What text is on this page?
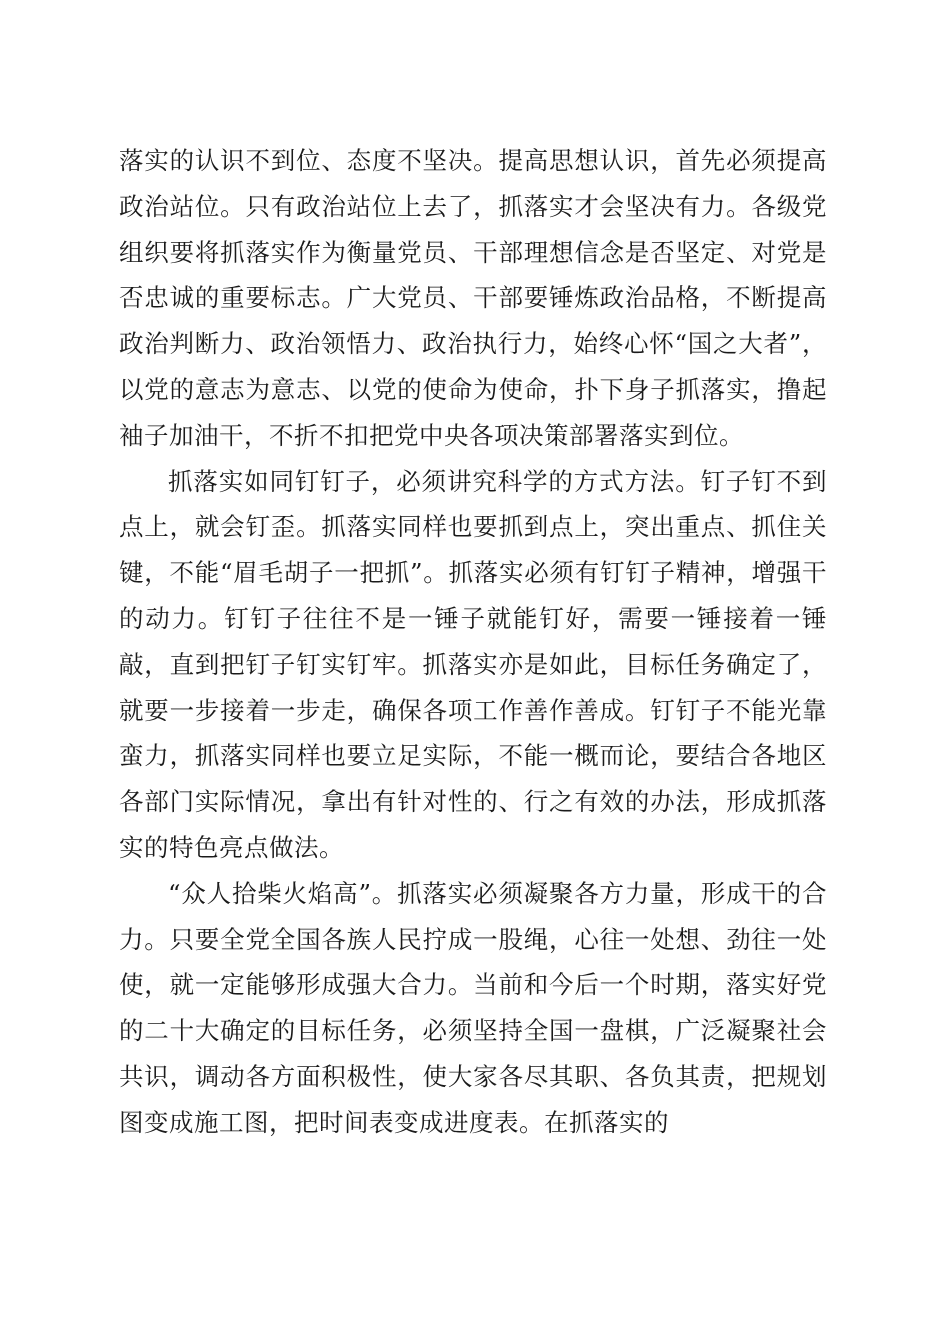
落实的认识不到位、态度不坚决。提高思想认识，首先必须提高政治站位。只有政治站位上去了，抓落实才会坚决有力。各级党组织要将抓落实作为衡量党员、干部理想信念是否坚定、对党是否忠诚的重要标志。广大党员、干部要锤炼政治品格，不断提高政治判断力、政治领悟力、政治执行力，始终心怀“国之大者”，以党的意志为意志、以党的使命为使命，扑下身子抓落实，撸起袖子加油干，不折不扣把党中央各项决策部署落实到位。

抓落实如同钉钉子，必须讲究科学的方式方法。钉子钉不到点上，就会钉歪。抓落实同样也要抓到点上，突出重点、抓住关键，不能“眉毛胡子一把抓”。抓落实必须有钉钉子精神，增强干的动力。钉钉子往往不是一锤子就能钉好，需要一锤接着一锤敲，直到把钉子钉实钉牢。抓落实亦是如此，目标任务确定了，就要一步接着一步走，确保各项工作善作善成。钉钉子不能光靠蛮力，抓落实同样也要立足实际，不能一概而论，要结合各地区各部门实际情况，拿出有针对性的、行之有效的办法，形成抓落实的特色亮点做法。

“众人拾柴火焰高”。抓落实必须凝聚各方力量，形成干的合力。只要全党全国各族人民拧成一股绳，心往一处想、劲往一处使，就一定能够形成强大合力。当前和今后一个时期，落实好党的二十大确定的目标任务，必须坚持全国一盘棋，广泛凝聚社会共识，调动各方面积极性，使大家各尽其职、各负其责，把规划图变成施工图，把时间表变成进度表。在抓落实的
